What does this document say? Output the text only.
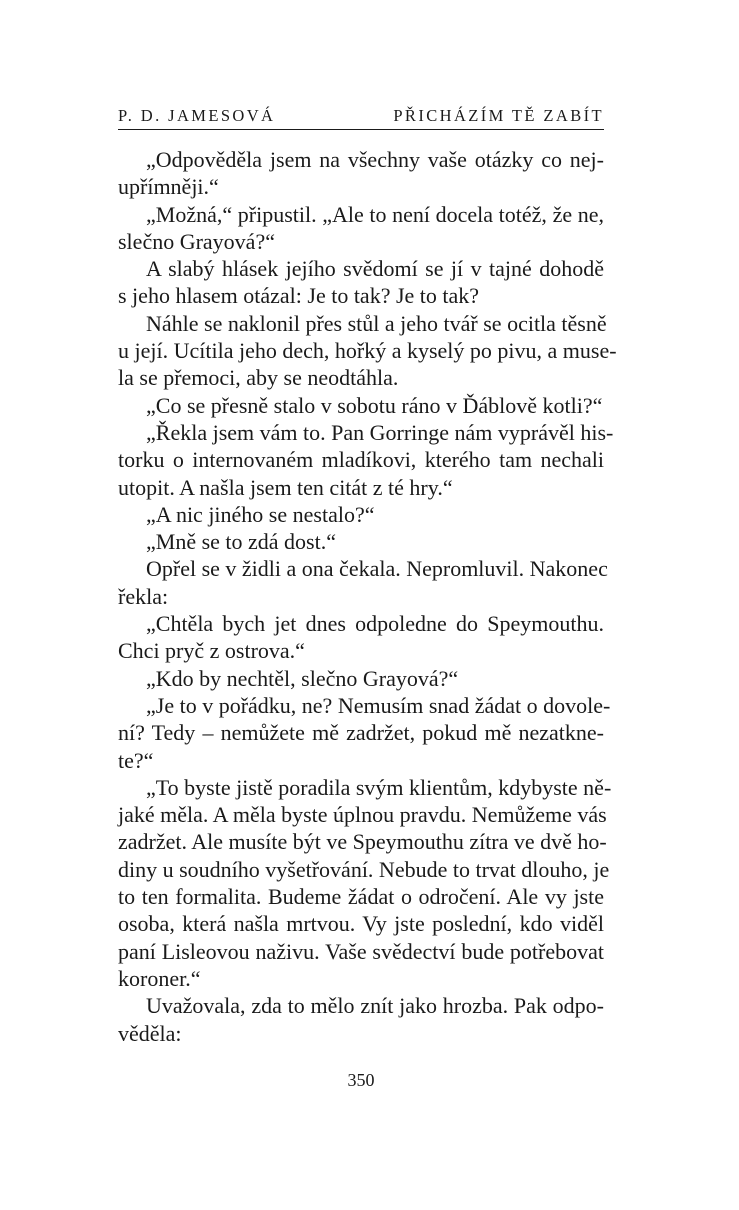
P. D. JAMESOVÁ	PŘICHÁZÍM TĚ ZABÍT
„Odpověděla jsem na všechny vaše otázky co nej-
upřímněji.“
„Možná,“ připustil. „Ale to není docela totéž, že ne,
slečno Grayová?“
A slabý hlásek jejího svědomí se jí v tajné dohodě
s jeho hlasem otázal: Je to tak? Je to tak?
Náhle se naklonil přes stůl a jeho tvář se ocitla těsně
u její. Ucítila jeho dech, hořký a kyselý po pivu, a muse-
la se přemoci, aby se neodtáhla.
„Co se přesně stalo v sobotu ráno v Ďáblově kotli?“
„Řekla jsem vám to. Pan Gorringe nám vyprávěl his-
torku o internovaném mladíkovi, kterého tam nechali
utopit. A našla jsem ten citát z té hry.“
„A nic jiného se nestalo?“
„Mně se to zdá dost.“
Opřel se v židli a ona čekala. Nepromluvil. Nakonec
řekla:
„Chtěla bych jet dnes odpoledne do Speymouthu.
Chci pryč z ostrova.“
„Kdo by nechtěl, slečno Grayová?“
„Je to v pořádku, ne? Nemusím snad žádat o dovole-
ní? Tedy – nemůžete mě zadržet, pokud mě nezatkne-
te?“
„To byste jistě poradila svým klientům, kdybyste ně-
jaké měla. A měla byste úplnou pravdu. Nemůžeme vás
zadržet. Ale musíte být ve Speymouthu zítra ve dvě ho-
diny u soudního vyšetřování. Nebude to trvat dlouho, je
to ten formalita. Budeme žádat o odročení. Ale vy jste
osoba, která našla mrtvou. Vy jste poslední, kdo viděl
paní Lisleovou naživu. Vaše svědectví bude potřebovat
koroner.“
Uvažovala, zda to mělo znít jako hrozba. Pak odpo-
věděla:
350
